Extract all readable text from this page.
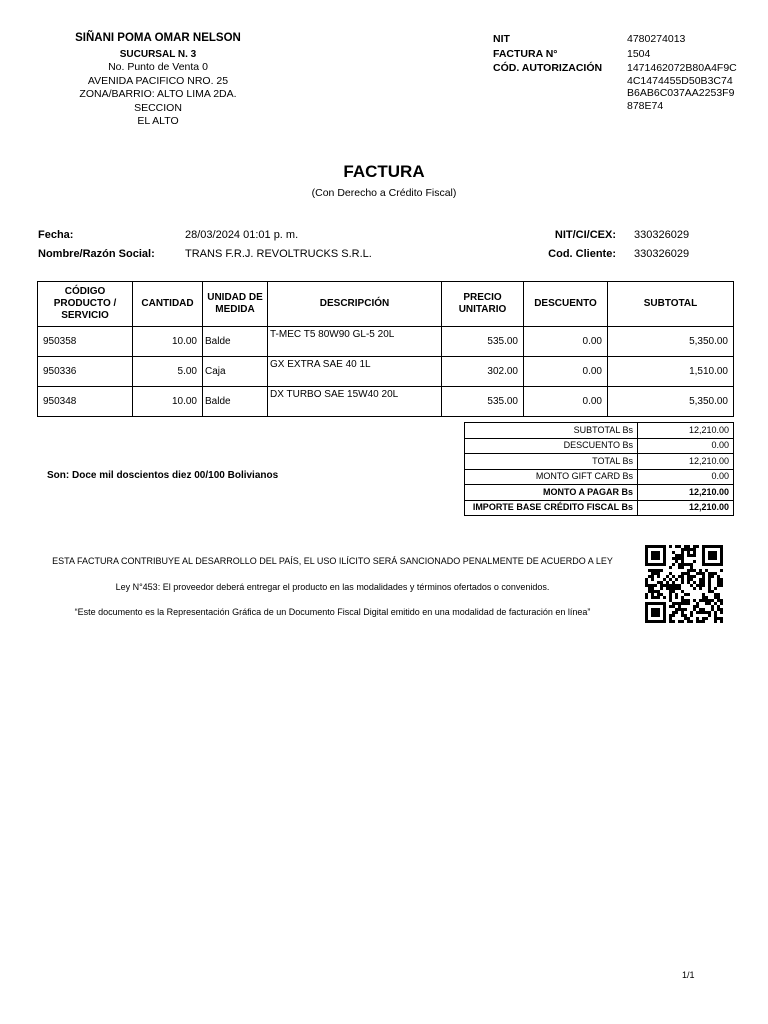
SIÑANI POMA OMAR NELSON
SUCURSAL N. 3
No. Punto de Venta 0
AVENIDA PACIFICO NRO. 25
ZONA/BARRIO: ALTO LIMA 2DA.
SECCION
EL ALTO
NIT	4780274013
FACTURA N°	1504
CÓD. AUTORIZACIÓN	1471462072B80A4F9C4C1474455D50B3C74B6AB6C037AA2253F9878E74
FACTURA
(Con Derecho a Crédito Fiscal)
Fecha:	28/03/2024 01:01 p. m.
Nombre/Razón Social:	TRANS F.R.J. REVOLTRUCKS S.R.L.
NIT/CI/CEX: 330326029
Cod. Cliente: 330326029
CÓDIGO PRODUCTO / SERVICIO	CANTIDAD	UNIDAD DE MEDIDA	DESCRIPCIÓN	PRECIO UNITARIO	DESCUENTO	SUBTOTAL
950358	10.00	Balde	T-MEC T5 80W90 GL-5 20L	535.00	0.00	5,350.00
950336	5.00	Caja	GX EXTRA SAE 40 1L	302.00	0.00	1,510.00
950348	10.00	Balde	DX TURBO SAE 15W40 20L	535.00	0.00	5,350.00
SUBTOTAL Bs	12,210.00
DESCUENTO Bs	0.00
TOTAL Bs	12,210.00
MONTO GIFT CARD Bs	0.00
MONTO A PAGAR Bs	12,210.00
IMPORTE BASE CRÉDITO FISCAL Bs	12,210.00
Son: Doce mil doscientos diez 00/100 Bolivianos
ESTA FACTURA CONTRIBUYE AL DESARROLLO DEL PAÍS, EL USO ILÍCITO SERÁ SANCIONADO PENALMENTE DE ACUERDO A LEY
Ley N°453: El proveedor deberá entregar el producto en las modalidades y términos ofertados o convenidos.
“Este documento es la Representación Gráfica de un Documento Fiscal Digital emitido en una modalidad de facturación en línea”
1/1
